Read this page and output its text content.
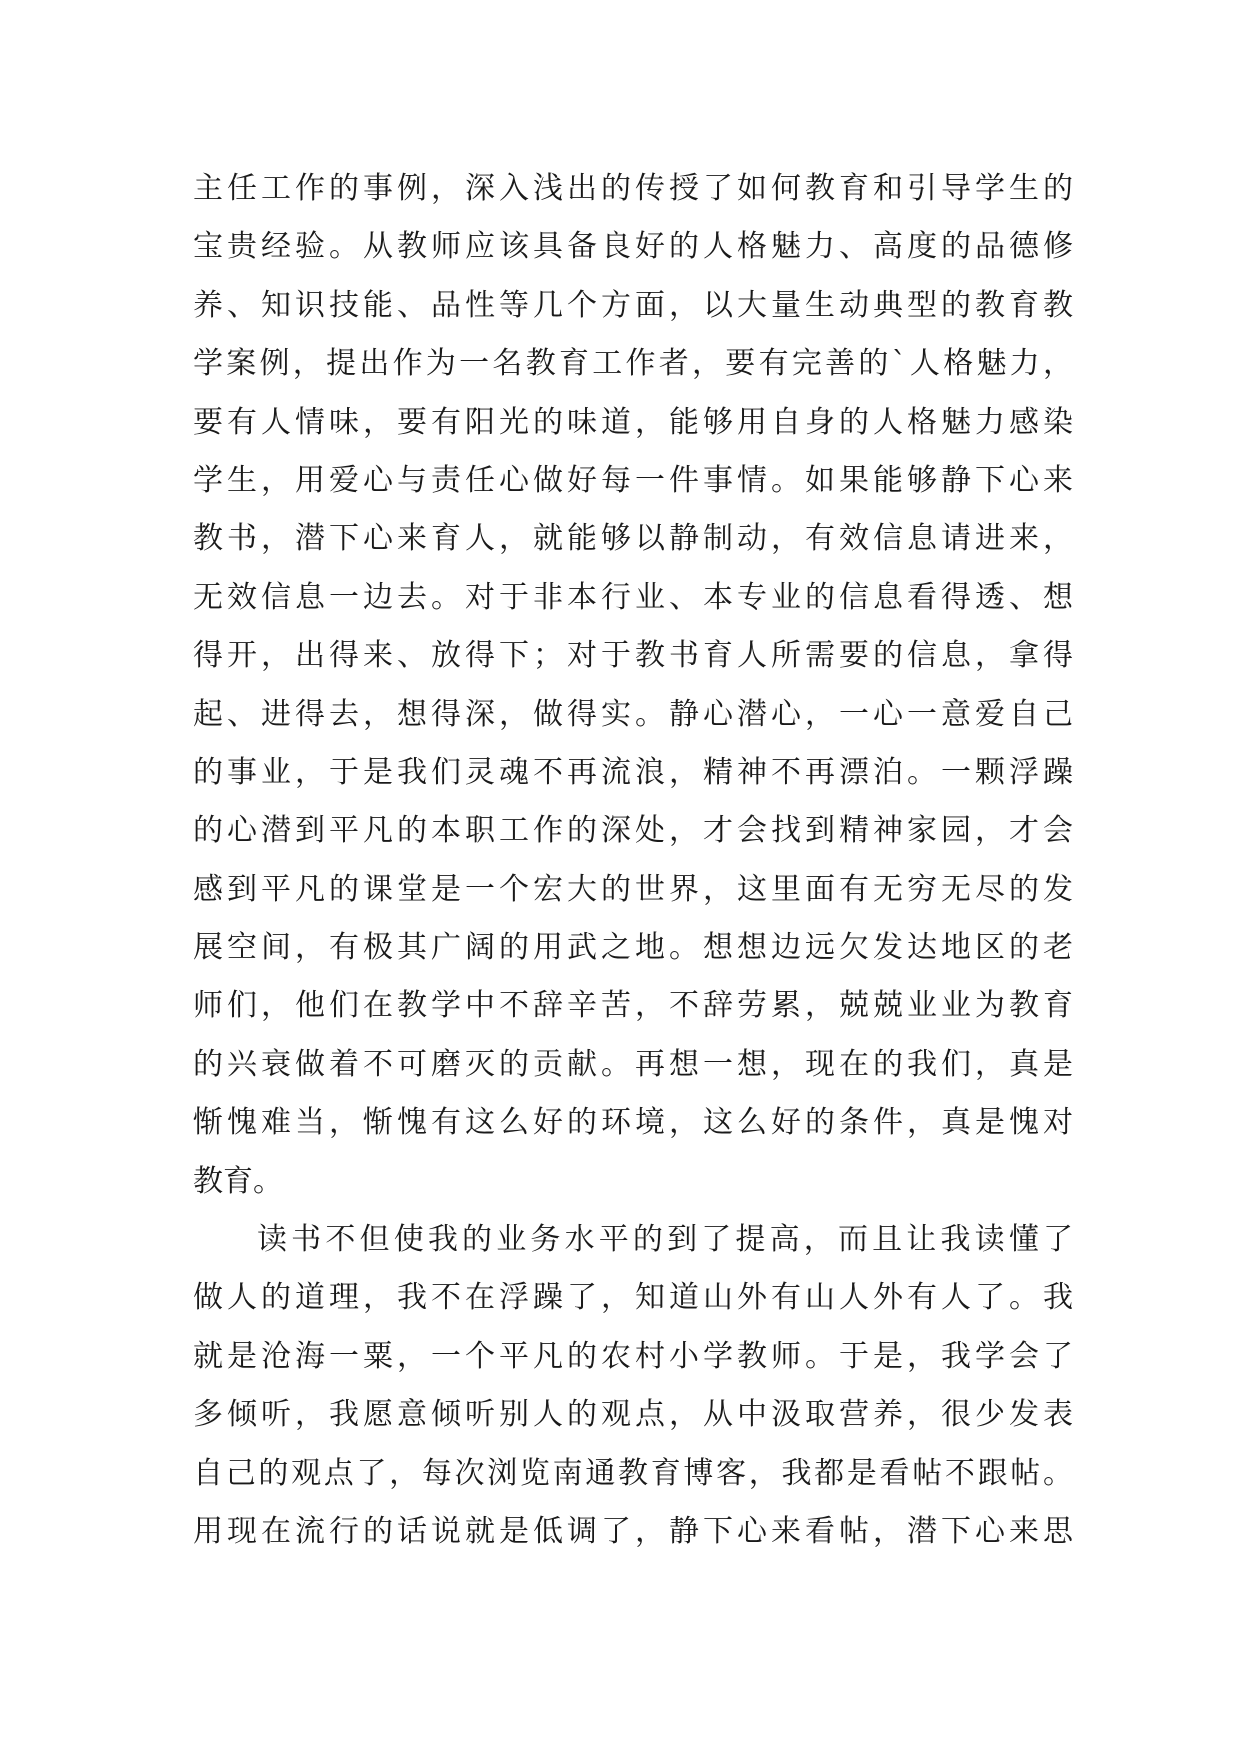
主任工作的事例，深入浅出的传授了如何教育和引导学生的
宝贵经验。从教师应该具备良好的人格魅力、高度的品德修
养、知识技能、品性等几个方面，以大量生动典型的教育教
学案例，提出作为一名教育工作者，要有完善的`人格魅力，
要有人情味，要有阳光的味道，能够用自身的人格魅力感染
学生，用爱心与责任心做好每一件事情。如果能够静下心来
教书，潜下心来育人，就能够以静制动，有效信息请进来，
无效信息一边去。对于非本行业、本专业的信息看得透、想
得开，出得来、放得下；对于教书育人所需要的信息，拿得
起、进得去，想得深，做得实。静心潜心，一心一意爱自己
的事业，于是我们灵魂不再流浪，精神不再漂泊。一颗浮躁
的心潜到平凡的本职工作的深处，才会找到精神家园，才会
感到平凡的课堂是一个宏大的世界，这里面有无穷无尽的发
展空间，有极其广阔的用武之地。想想边远欠发达地区的老
师们，他们在教学中不辞辛苦，不辞劳累，兢兢业业为教育
的兴衰做着不可磨灭的贡献。再想一想，现在的我们，真是
惭愧难当，惭愧有这么好的环境，这么好的条件，真是愧对
教育。
读书不但使我的业务水平的到了提高，而且让我读懂了
做人的道理，我不在浮躁了，知道山外有山人外有人了。我
就是沧海一粟，一个平凡的农村小学教师。于是，我学会了
多倾听，我愿意倾听别人的观点，从中汲取营养，很少发表
自己的观点了，每次浏览南通教育博客，我都是看帖不跟帖。
用现在流行的话说就是低调了，静下心来看帖，潜下心来思
